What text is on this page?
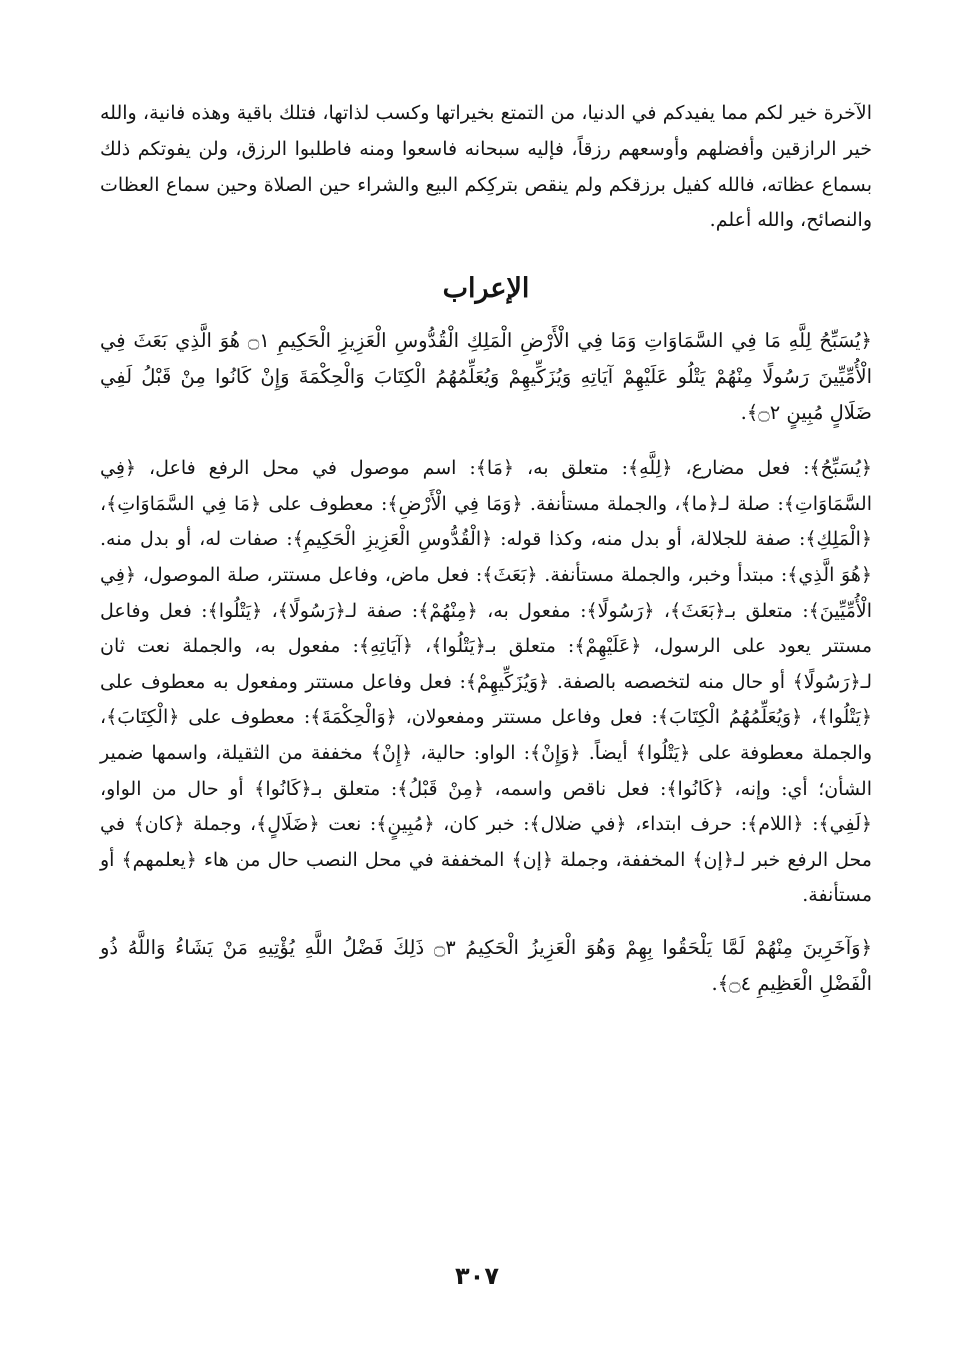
الآخرة خير لكم مما يفيدكم في الدنيا، من التمتع بخيراتها وكسب لذاتها، فتلك باقية وهذه فانية، والله خير الرازقين وأفضلهم وأوسعهم رزقاً، فإليه سبحانه فاسعوا ومنه فاطلبوا الرزق، ولن يفوتكم ذلك بسماع عظاته، فالله كفيل برزقكم ولم ينقص بتركِكم البيع والشراء حين الصلاة وحين سماع العظات والنصائح، والله أعلم.

الإعراب

﴿يُسَبِّحُ لِلَّهِ مَا فِي السَّمَاوَاتِ وَمَا فِي الْأَرْضِ الْمَلِكِ الْقُدُّوسِ الْعَزِيزِ الْحَكِيمِ ۝١ هُوَ الَّذِي بَعَثَ فِي الْأُمِّيِّينَ رَسُولًا مِنْهُمْ يَتْلُو عَلَيْهِمْ آيَاتِهِ وَيُزَكِّيهِمْ وَيُعَلِّمُهُمُ الْكِتَابَ وَالْحِكْمَةَ وَإِنْ كَانُوا مِنْ قَبْلُ لَفِي ضَلَالٍ مُبِينٍ ۝٢﴾.

﴿يُسَبِّحُ﴾: فعل مضارع، ﴿لِلَّهِ﴾: متعلق به، ﴿مَا﴾: اسم موصول في محل الرفع فاعل، ﴿فِي السَّمَاوَاتِ﴾: صلة لـ﴿ما﴾، والجملة مستأنفة. ﴿وَمَا فِي الْأَرْضِ﴾: معطوف على ﴿مَا فِي السَّمَاوَاتِ﴾، ﴿الْمَلِكِ﴾: صفة للجلالة، أو بدل منه، وكذا قوله: ﴿الْقُدُّوسِ الْعَزِيزِ الْحَكِيمِ﴾: صفات له، أو بدل منه. ﴿هُوَ الَّذِي﴾: مبتدأ وخبر، والجملة مستأنفة. ﴿بَعَثَ﴾: فعل ماض، وفاعل مستتر، صلة الموصول، ﴿فِي الْأُمِّيِّينَ﴾: متعلق بـ﴿بَعَثَ﴾، ﴿رَسُولًا﴾: مفعول به، ﴿مِنْهُمْ﴾: صفة لـ﴿رَسُولًا﴾، ﴿يَتْلُوا﴾: فعل وفاعل مستتر يعود على الرسول، ﴿عَلَيْهِمْ﴾: متعلق بـ﴿يَتْلُوا﴾، ﴿آيَاتِهِ﴾: مفعول به، والجملة نعت ثان لـ﴿رَسُولًا﴾ أو حال منه لتخصصه بالصفة. ﴿وَيُزَكِّيهِمْ﴾: فعل وفاعل مستتر ومفعول به معطوف على ﴿يَتْلُوا﴾، ﴿وَيُعَلِّمُهُمُ الْكِتَابَ﴾: فعل وفاعل مستتر ومفعولان، ﴿وَالْحِكْمَةَ﴾: معطوف على ﴿الْكِتَابَ﴾، والجملة معطوفة على ﴿يَتْلُوا﴾ أيضاً. ﴿وَإِنْ﴾: الواو: حالية، ﴿إِنْ﴾ مخففة من الثقيلة، واسمها ضمير الشأن؛ أي: وإنه، ﴿كَانُوا﴾: فعل ناقص واسمه، ﴿مِنْ قَبْلُ﴾: متعلق بـ﴿كَانُوا﴾ أو حال من الواو، ﴿لَفِي﴾: ﴿اللام﴾: حرف ابتداء، ﴿في ضلال﴾: خبر كان، ﴿مُبِينٍ﴾: نعت ﴿ضَلَالٍ﴾، وجملة ﴿كان﴾ في محل الرفع خبر لـ﴿إن﴾ المخففة، وجملة ﴿إن﴾ المخففة في محل النصب حال من هاء ﴿يعلمهم﴾ أو مستأنفة.

﴿وَآخَرِينَ مِنْهُمْ لَمَّا يَلْحَقُوا بِهِمْ وَهُوَ الْعَزِيزُ الْحَكِيمُ ۝٣ ذَلِكَ فَضْلُ اللَّهِ يُؤْتِيهِ مَنْ يَشَاءُ وَاللَّهُ ذُو الْفَضْلِ الْعَظِيمِ ۝٤﴾.

٣٠٧
